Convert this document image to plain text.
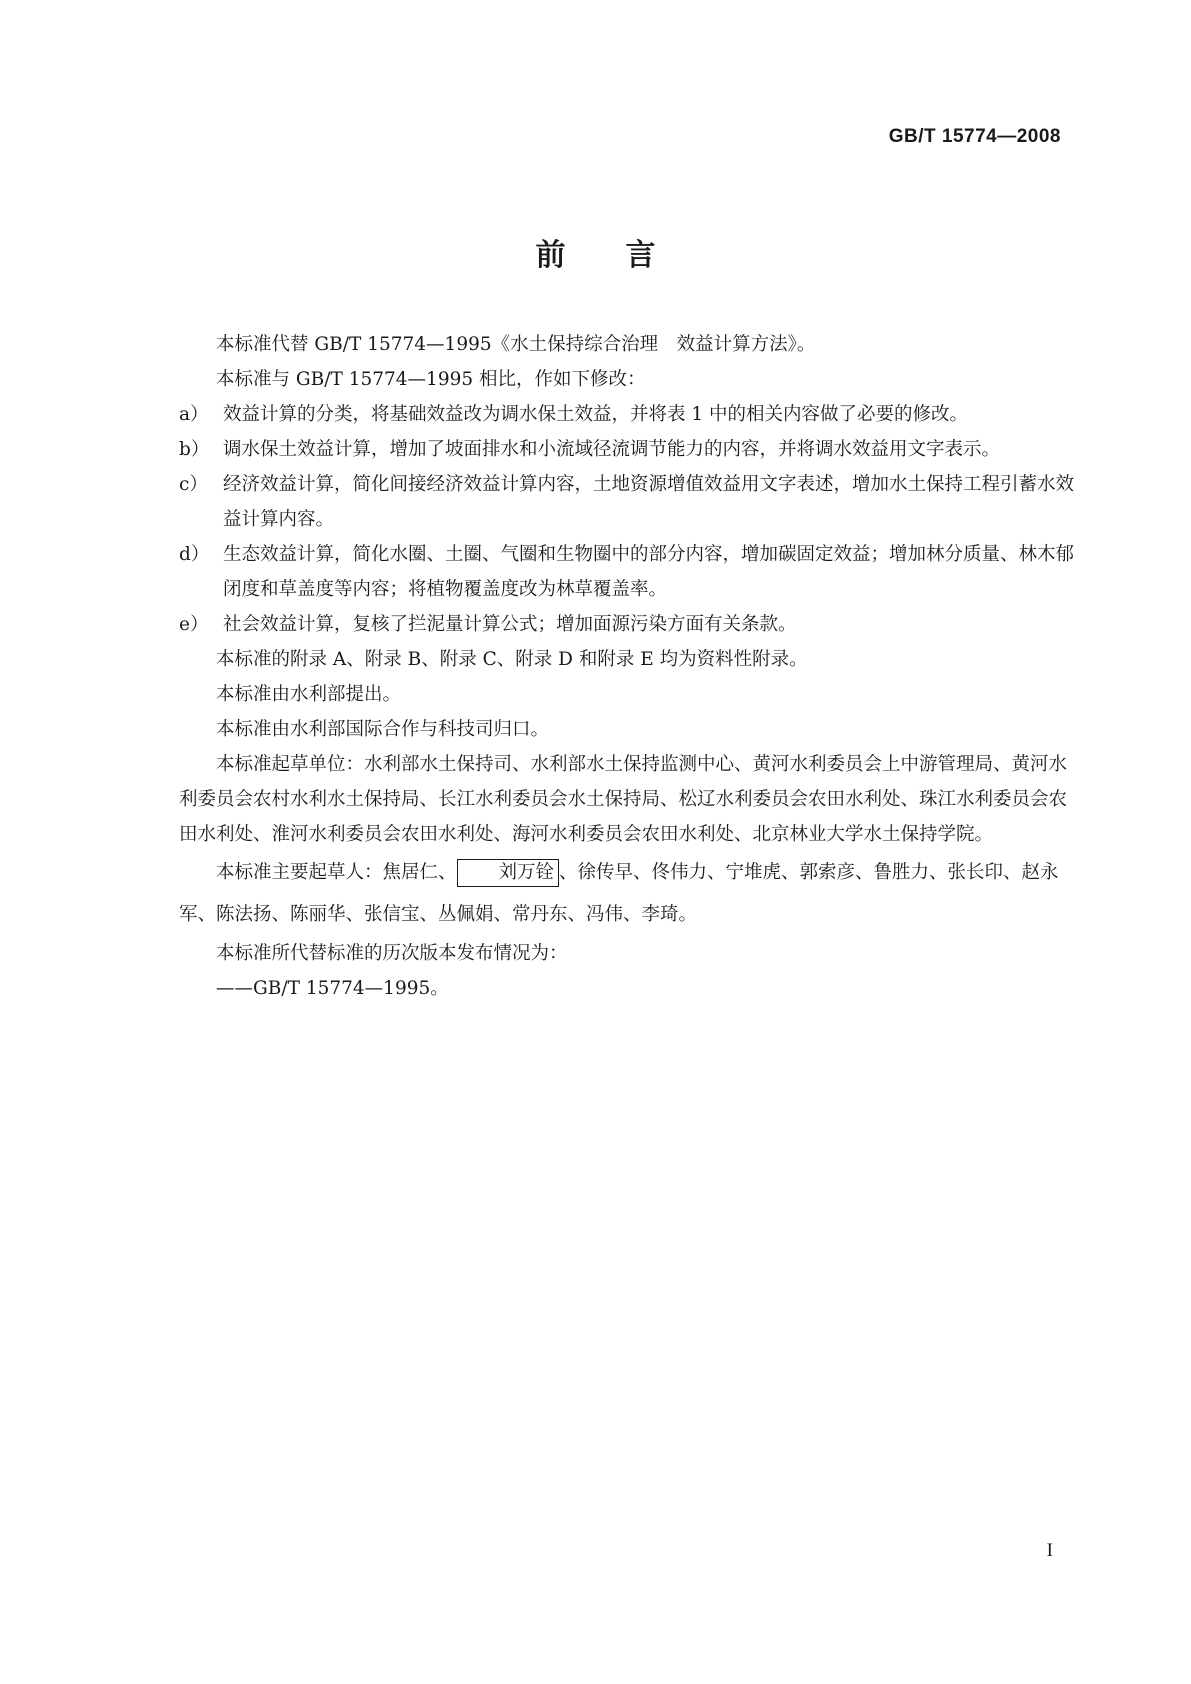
GB/T 15774—2008
前　　言

本标准代替 GB/T 15774—1995《水土保持综合治理　效益计算方法》。

本标准与 GB/T 15774—1995 相比，作如下修改：

a） 效益计算的分类，将基础效益改为调水保土效益，并将表 1 中的相关内容做了必要的修改。

b） 调水保土效益计算，增加了坡面排水和小流域径流调节能力的内容，并将调水效益用文字表示。

c） 经济效益计算，简化间接经济效益计算内容，土地资源增值效益用文字表述，增加水土保持工程引蓄水效益计算内容。

d） 生态效益计算，简化水圈、土圈、气圈和生物圈中的部分内容，增加碳固定效益；增加林分质量、林木郁闭度和草盖度等内容；将植物覆盖度改为林草覆盖率。

e） 社会效益计算，复核了拦泥量计算公式；增加面源污染方面有关条款。

本标准的附录 A、附录 B、附录 C、附录 D 和附录 E 均为资料性附录。

本标准由水利部提出。

本标准由水利部国际合作与科技司归口。

本标准起草单位：水利部水土保持司、水利部水土保持监测中心、黄河水利委员会上中游管理局、黄河水利委员会农村水利水土保持局、长江水利委员会水土保持局、松辽水利委员会农田水利处、珠江水利委员会农田水利处、淮河水利委员会农田水利处、海河水利委员会农田水利处、北京林业大学水土保持学院。

本标准主要起草人：焦居仁、 刘万铨 、徐传早、佟伟力、宁堆虎、郭索彦、鲁胜力、张长印、赵永军、陈法扬、陈丽华、张信宝、丛佩娟、常丹东、冯伟、李琦。

本标准所代替标准的历次版本发布情况为：

——GB/T 15774—1995。

I
